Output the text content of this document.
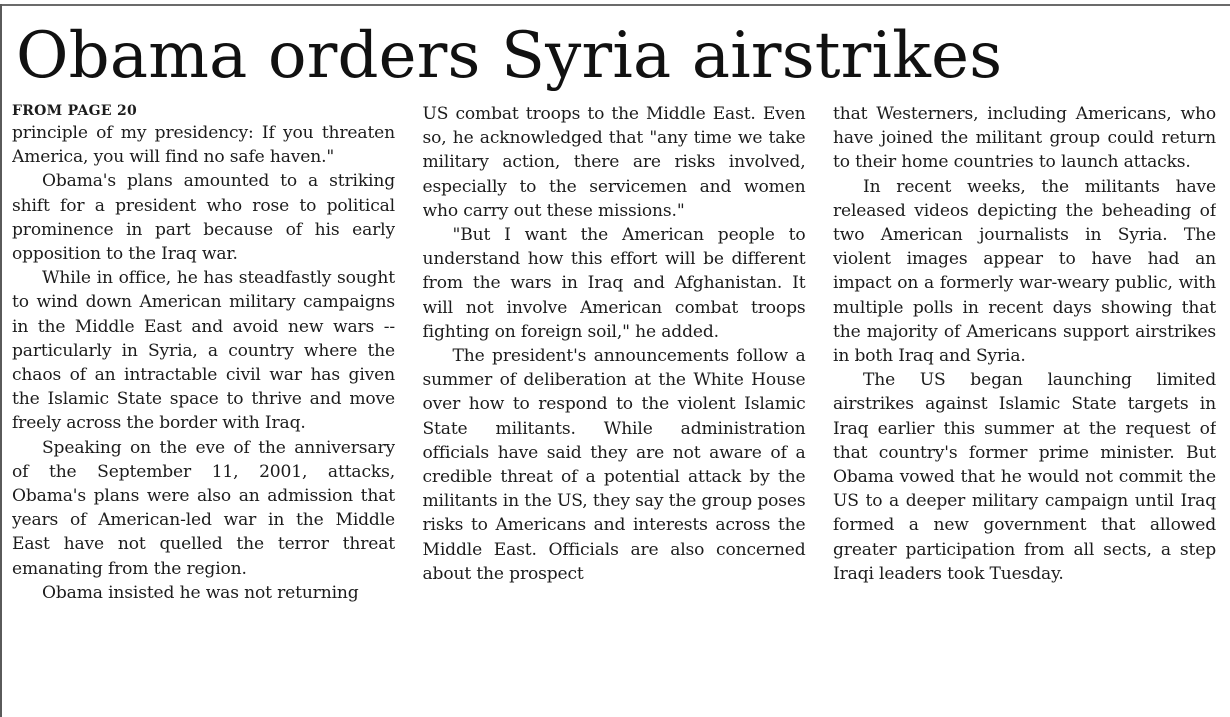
Obama orders Syria airstrikes
FROM PAGE 20

principle of my presidency: If you threaten America, you will find no safe haven."

Obama's plans amounted to a striking shift for a president who rose to political prominence in part because of his early opposition to the Iraq war.

While in office, he has steadfastly sought to wind down American military campaigns in the Middle East and avoid new wars -- particularly in Syria, a country where the chaos of an intractable civil war has given the Islamic State space to thrive and move freely across the border with Iraq.

Speaking on the eve of the anniversary of the September 11, 2001, attacks, Obama's plans were also an admission that years of American-led war in the Middle East have not quelled the terror threat emanating from the region.

Obama insisted he was not returning

US combat troops to the Middle East. Even so, he acknowledged that "any time we take military action, there are risks involved, especially to the servicemen and women who carry out these missions."

"But I want the American people to understand how this effort will be different from the wars in Iraq and Afghanistan. It will not involve American combat troops fighting on foreign soil," he added.

The president's announcements follow a summer of deliberation at the White House over how to respond to the violent Islamic State militants. While administration officials have said they are not aware of a credible threat of a potential attack by the militants in the US, they say the group poses risks to Americans and interests across the Middle East. Officials are also concerned about the prospect

that Westerners, including Americans, who have joined the militant group could return to their home countries to launch attacks.

In recent weeks, the militants have released videos depicting the beheading of two American journalists in Syria. The violent images appear to have had an impact on a formerly war-weary public, with multiple polls in recent days showing that the majority of Americans support airstrikes in both Iraq and Syria.

The US began launching limited airstrikes against Islamic State targets in Iraq earlier this summer at the request of that country's former prime minister. But Obama vowed that he would not commit the US to a deeper military campaign until Iraq formed a new government that allowed greater participation from all sects, a step Iraqi leaders took Tuesday.
